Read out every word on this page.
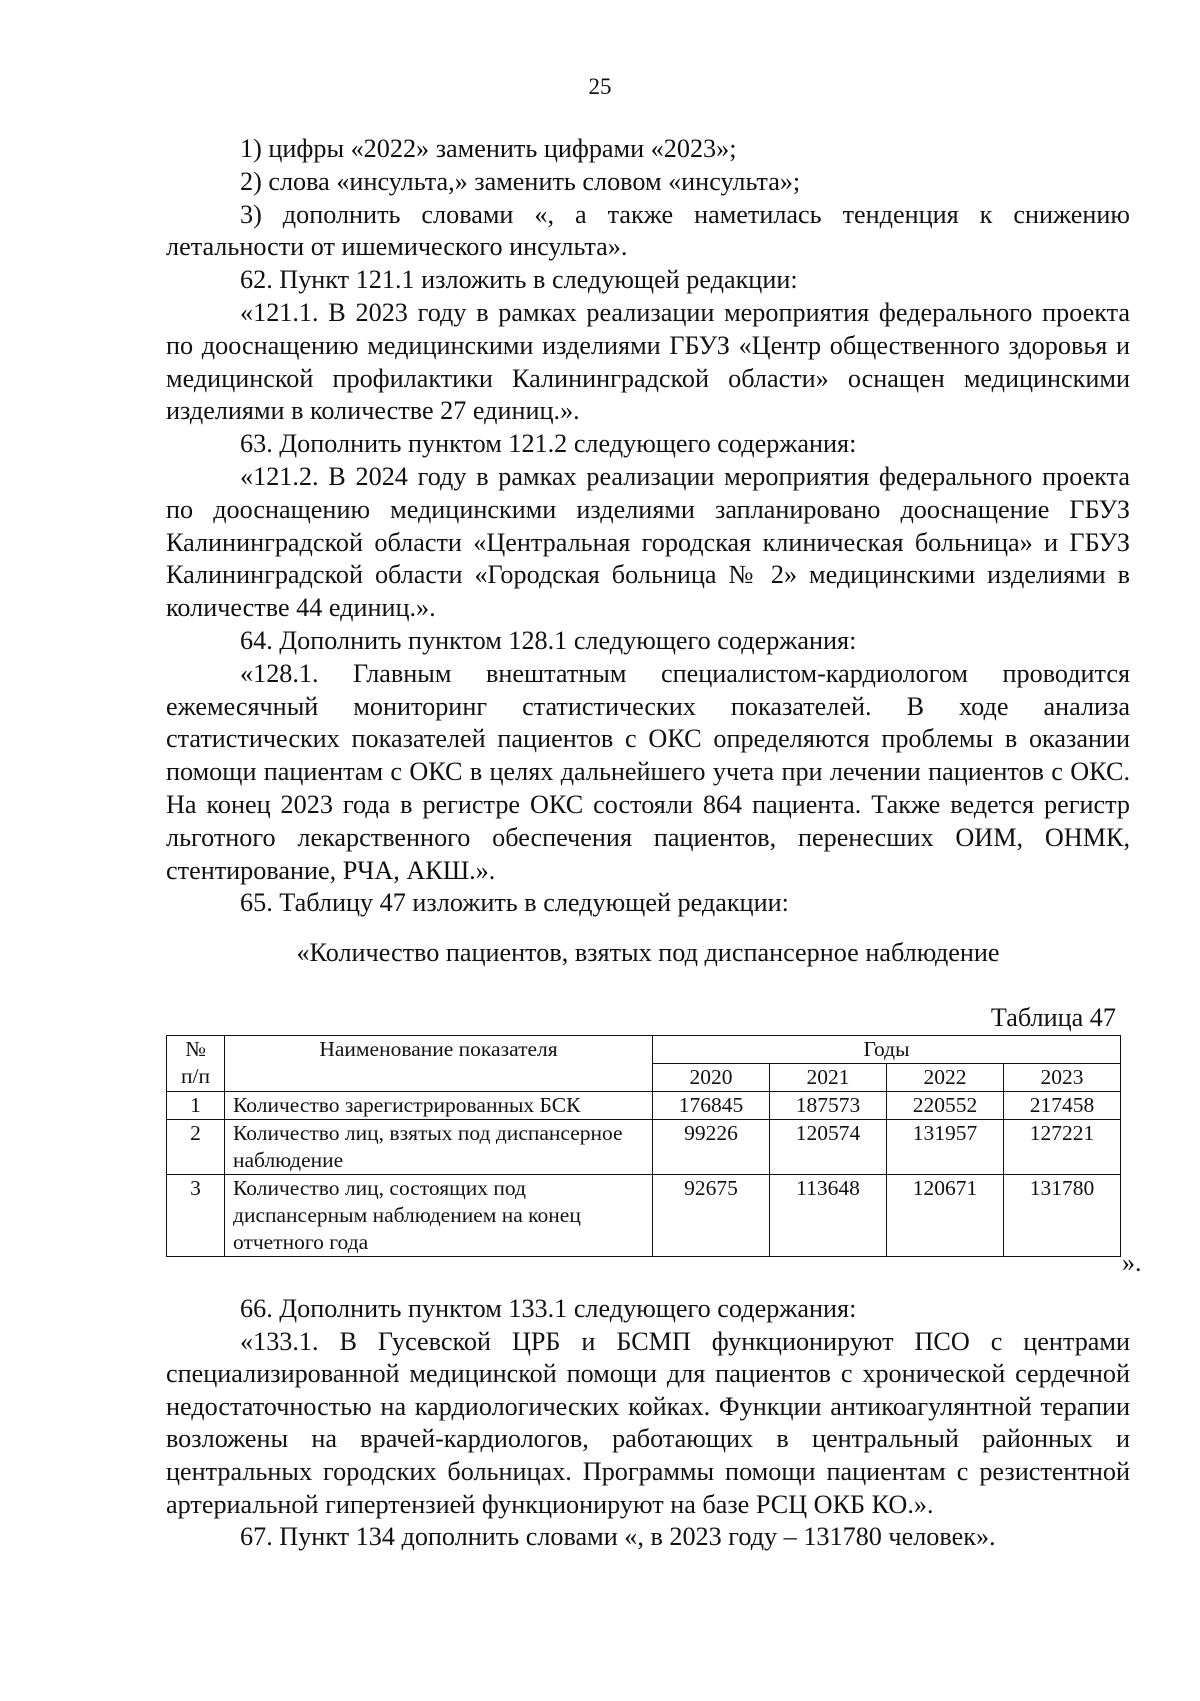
25

1) цифры «2022» заменить цифрами «2023»;

2) слова «инсульта,» заменить словом «инсульта»;

3) дополнить словами «, а также наметилась тенденция к снижению летальности от ишемического инсульта».

62. Пункт 121.1 изложить в следующей редакции:

«121.1. В 2023 году в рамках реализации мероприятия федерального проекта по дооснащению медицинскими изделиями ГБУЗ «Центр общественного здоровья и медицинской профилактики Калининградской области» оснащен медицинскими изделиями в количестве 27 единиц.».

63. Дополнить пунктом 121.2 следующего содержания:

«121.2. В 2024 году в рамках реализации мероприятия федерального проекта по дооснащению медицинскими изделиями запланировано дооснащение ГБУЗ Калининградской области «Центральная городская клиническая больница» и ГБУЗ Калининградской области «Городская больница № 2» медицинскими изделиями в количестве 44 единиц.».

64. Дополнить пунктом 128.1 следующего содержания:

«128.1. Главным внештатным специалистом-кардиологом проводится ежемесячный мониторинг статистических показателей. В ходе анализа статистических показателей пациентов с ОКС определяются проблемы в оказании помощи пациентам с ОКС в целях дальнейшего учета при лечении пациентов с ОКС. На конец 2023 года в регистре ОКС состояли 864 пациента. Также ведется регистр льготного лекарственного обеспечения пациентов, перенесших ОИМ, ОНМК, стентирование, РЧА, АКШ.».

65. Таблицу 47 изложить в следующей редакции:

«Количество пациентов, взятых под диспансерное наблюдение
Таблица 47
№ п/п	Наименование показателя	Годы			
		2020	2021	2022	2023
1	Количество зарегистрированных БСК	176845	187573	220552	217458
2	Количество лиц, взятых под диспансерное наблюдение	99226	120574	131957	127221
3	Количество лиц, состоящих под диспансерным наблюдением на конец отчетного года	92675	113648	120671	131780
».

66. Дополнить пунктом 133.1 следующего содержания:

«133.1. В Гусевской ЦРБ и БСМП функционируют ПСО с центрами специализированной медицинской помощи для пациентов с хронической сердечной недостаточностью на кардиологических койках. Функции антикоагулянтной терапии возложены на врачей-кардиологов, работающих в центральный районных и центральных городских больницах. Программы помощи пациентам с резистентной артериальной гипертензией функционируют на базе РСЦ ОКБ КО.».

67. Пункт 134 дополнить словами «, в 2023 году – 131780 человек».
